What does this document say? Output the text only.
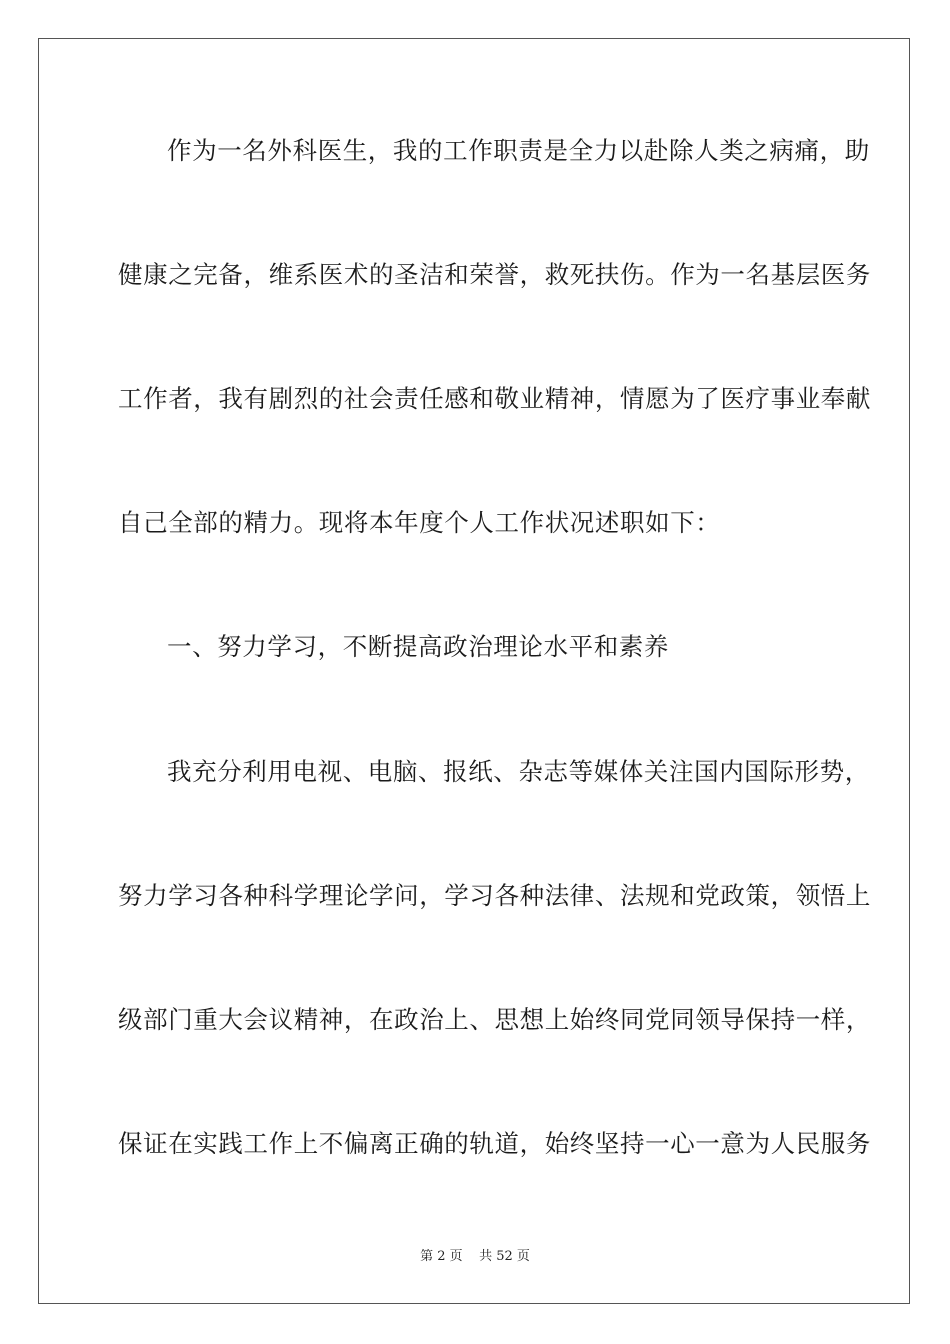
作为一名外科医生，我的工作职责是全力以赴除人类之病痛，助
健康之完备，维系医术的圣洁和荣誉，救死扶伤。作为一名基层医务
工作者，我有剧烈的社会责任感和敬业精神，情愿为了医疗事业奉献
自己全部的精力。现将本年度个人工作状况述职如下：
一、努力学习，不断提高政治理论水平和素养
我充分利用电视、电脑、报纸、杂志等媒体关注国内国际形势，
努力学习各种科学理论学问，学习各种法律、法规和党政策，领悟上
级部门重大会议精神，在政治上、思想上始终同党同领导保持一样，
保证在实践工作上不偏离正确的轨道，始终坚持一心一意为人民服务
第 2 页    共 52 页
